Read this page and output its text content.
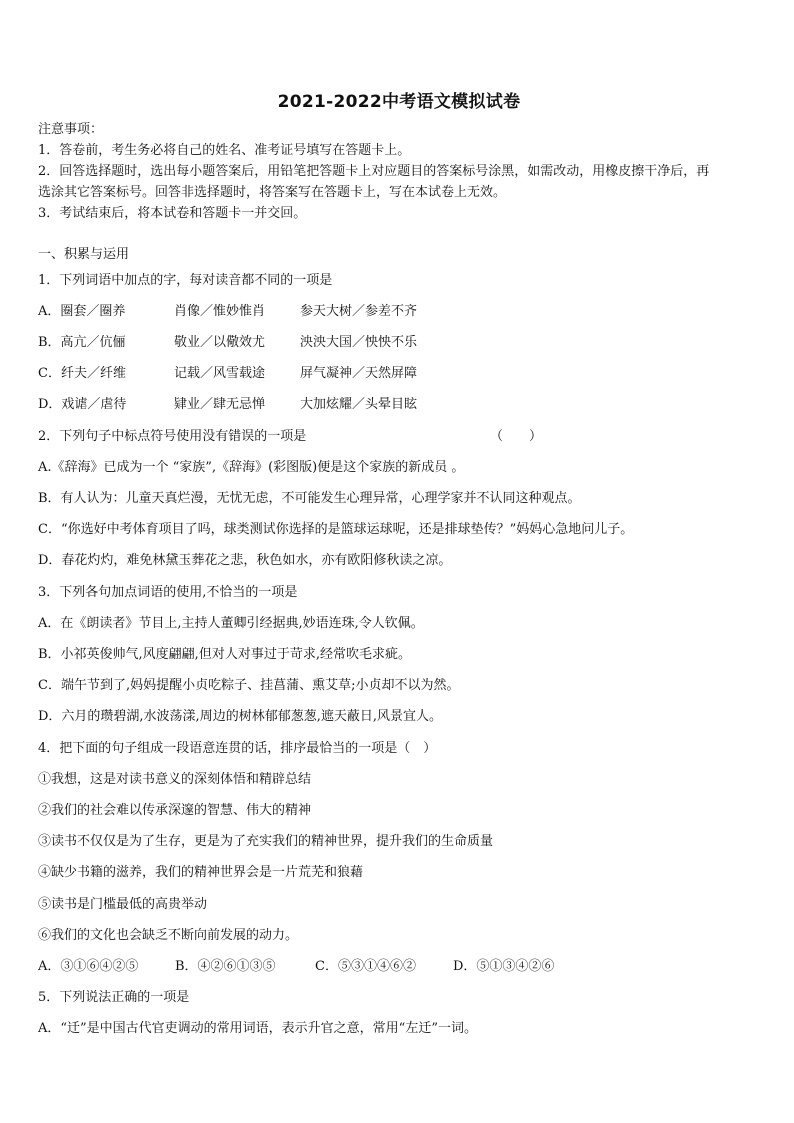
2021-2022中考语文模拟试卷
注意事项：
1．答卷前，考生务必将自己的姓名、准考证号填写在答题卡上。
2．回答选择题时，选出每小题答案后，用铅笔把答题卡上对应题目的答案标号涂黑，如需改动，用橡皮擦干净后，再
选涂其它答案标号。回答非选择题时，将答案写在答题卡上，写在本试卷上无效。
3．考试结束后，将本试卷和答题卡一并交回。
一、积累与运用
1．下列词语中加点的字，每对读音都不同的一项是
A．圈套／圈养	肖像／惟妙惟肖	参天大树／参差不齐
B．高亢／伉俪	敬业／以儆效尤	泱泱大国／怏怏不乐
C．纤夫／纤维	记载／风雪载途	屏气凝神／天然屏障
D．戏谑／虐待	肄业／肆无忌惮	大加炫耀／头晕目眩
2．下列句子中标点符号使用没有错误的一项是	（　　）
A.《辞海》已成为一个 “家族”,《辞海》(彩图版)便是这个家族的新成员 。
B．有人认为：儿童天真烂漫，无忧无虑，不可能发生心理异常，心理学家并不认同这种观点。
C．“你选好中考体育项目了吗，球类测试你选择的是篮球运球呢，还是排球垫传？”妈妈心急地问儿子。
D．春花灼灼，难免林黛玉葬花之悲，秋色如水，亦有欧阳修秋读之凉。
3．下列各句加点词语的使用,不恰当的一项是
A．在《朗读者》节目上,主持人董卿引经据典,妙语连珠,令人钦佩。
B．小祁英俊帅气,风度翩翩,但对人对事过于苛求,经常吹毛求疵。
C．端午节到了,妈妈提醒小贞吃粽子、挂菖蒲、熏艾草;小贞却不以为然。
D．六月的瓒碧湖,水波荡漾,周边的树林郁郁葱葱,遮天蔽日,风景宜人。
4．把下面的句子组成一段语意连贯的话，排序最恰当的一项是（　）
①我想，这是对读书意义的深刻体悟和精辟总结
②我们的社会难以传承深邃的智慧、伟大的精神
③读书不仅仅是为了生存，更是为了充实我们的精神世界，提升我们的生命质量
④缺少书籍的滋养，我们的精神世界会是一片荒芜和狼藉
⑤读书是门槛最低的高贵举动
⑥我们的文化也会缺乏不断向前发展的动力。
A．③①⑥④②⑤	B．④②⑥①③⑤	C．⑤③①④⑥②	D．⑤①③④②⑥
5．下列说法正确的一项是
A．“迁”是中国古代官吏调动的常用词语，表示升官之意，常用“左迁”一词。
